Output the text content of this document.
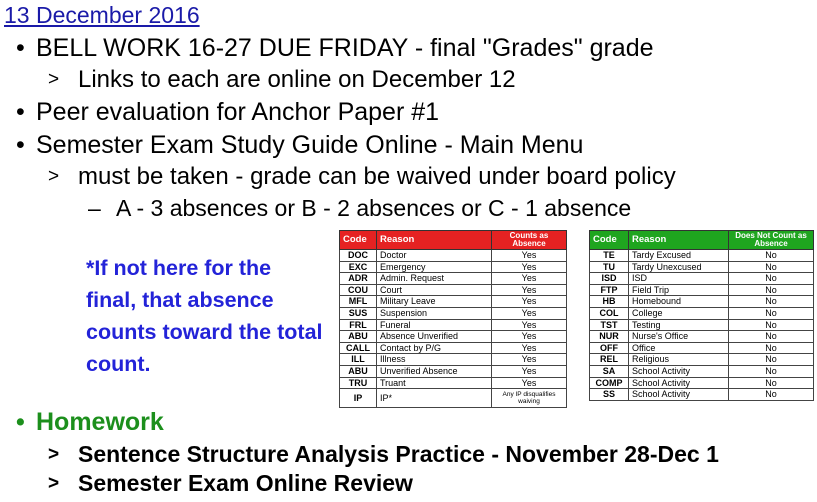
13 December 2016
• BELL WORK 16-27 DUE FRIDAY - final "Grades" grade
> Links to each are online on December 12
• Peer evaluation for Anchor Paper #1
• Semester Exam Study Guide Online - Main Menu
> must be taken - grade can be waived under board policy
– A - 3 absences or B - 2 absences or C - 1 absence
*If not here for the final, that absence counts toward the total count.
Code	Reason	Counts as Absence
DOC	Doctor	Yes
EXC	Emergency	Yes
ADR	Admin. Request	Yes
COU	Court	Yes
MFL	Military Leave	Yes
SUS	Suspension	Yes
FRL	Funeral	Yes
ABU	Absence Unverified	Yes
CALL	Contact by P/G	Yes
ILL	Illness	Yes
ABU	Unverified Absence	Yes
TRU	Truant	Yes
IP	IP*	Any IP disqualifies waiving
Code	Reason	Does Not Count as Absence
TE	Tardy Excused	No
TU	Tardy Unexcused	No
ISD	ISD	No
FTP	Field Trip	No
HB	Homebound	No
COL	College	No
TST	Testing	No
NUR	Nurse's Office	No
OFF	Office	No
REL	Religious	No
SA	School Activity	No
COMP	School Activity	No
SS	School Activity	No
• Homework
> Sentence Structure Analysis Practice - November 28-Dec 1
> Semester Exam Online Review
